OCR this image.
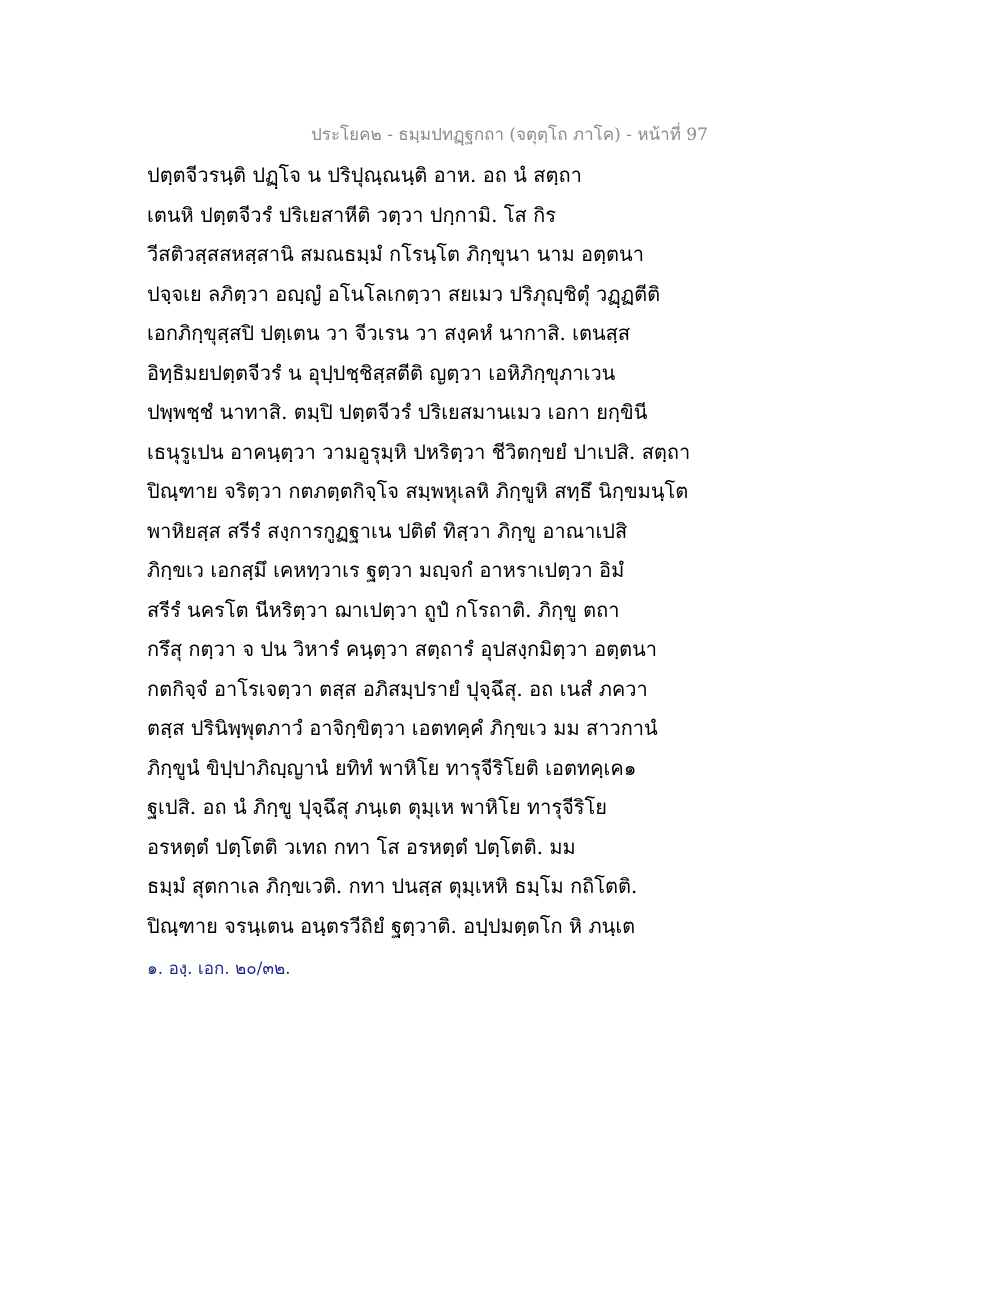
ประโยค๒ - ธมฺมปทฏฺฐกถา (จตุตฺโถ ภาโค) - หน้าที่ 97
ปตฺตจีวรนฺติ ปฏฺโจ น ปริปุณฺณนฺติ อาห. อถ นํ สตฺถา
เตนหิ ปตฺตจีวรํ ปริเยสาหีติ วตฺวา ปกฺกามิ. โส กิร
วีสติวสฺสสหสฺสานิ สมณธมฺมํ กโรนฺโต ภิกฺขุนา นาม อตฺตนา
ปจฺจเย ลภิตฺวา อญฺญํ อโนโลเกตฺวา สยเมว ปริภุญฺชิตุํ วฏฺฏตีติ
เอกภิกฺขุสฺสปิ ปตฺเตน วา จีวเรน วา สงฺคหํ นากาสิ. เตนสฺส
อิทฺธิมยปตฺตจีวรํ น อุปฺปชฺชิสฺสตีติ ญตฺวา เอหิภิกฺขุภาเวน
ปพฺพชฺชํ นาทาสิ. ตมฺปิ ปตฺตจีวรํ ปริเยสมานเมว เอกา ยกฺขินี
เธนุรูเปน อาคนฺตฺวา วามอูรุมฺหิ ปหริตฺวา ชีวิตกฺขยํ ปาเปสิ. สตฺถา
ปิณฺฑาย จริตฺวา กตภตฺตกิจฺโจ สมฺพหุเลหิ ภิกฺขูหิ สทฺธึ นิกฺขมนฺโต
พาหิยสฺส สรีรํ สงฺการกูฏฐาเน ปติตํ ทิสฺวา ภิกฺขู อาณาเปสิ
ภิกฺขเว เอกสฺมึ เคหทฺวาเร ฐตฺวา มญฺจกํ อาหราเปตฺวา อิมํ
สรีรํ นครโต นีหริตฺวา ฌาเปตฺวา ถูปํ กโรถาติ. ภิกฺขู ตถา
กรึสุ กตฺวา จ ปน วิหารํ คนฺตฺวา สตฺถารํ อุปสงฺกมิตฺวา อตฺตนา
กตกิจฺจํ อาโรเจตฺวา ตสฺส อภิสมฺปรายํ ปุจฺฉึสุ. อถ เนสํ ภควา
ตสฺส ปรินิพฺพุตภาวํ อาจิกฺขิตฺวา เอตทคฺคํ ภิกฺขเว มม สาวกานํ
ภิกฺขูนํ ขิปฺปาภิญฺญานํ ยทิทํ พาหิโย ทารุจีริโยติ เอตทคฺเค๑
ฐเปสิ. อถ นํ ภิกฺขู ปุจฺฉึสุ ภนฺเต ตุมฺเห พาหิโย ทารุจีริโย
อรหตฺตํ ปตฺโตติ วเทถ กทา โส อรหตฺตํ ปตฺโตติ. มม
ธมฺมํ สุตกาเล ภิกฺขเวติ. กทา ปนสฺส ตุมฺเหหิ ธมฺโม กถิโตติ.
ปิณฺฑาย จรนฺเตน อนฺตรวีถิยํ ฐตฺวาติ. อปฺปมตฺตโก หิ ภนฺเต
๑. องฺ. เอก. ๒๐/๓๒.
